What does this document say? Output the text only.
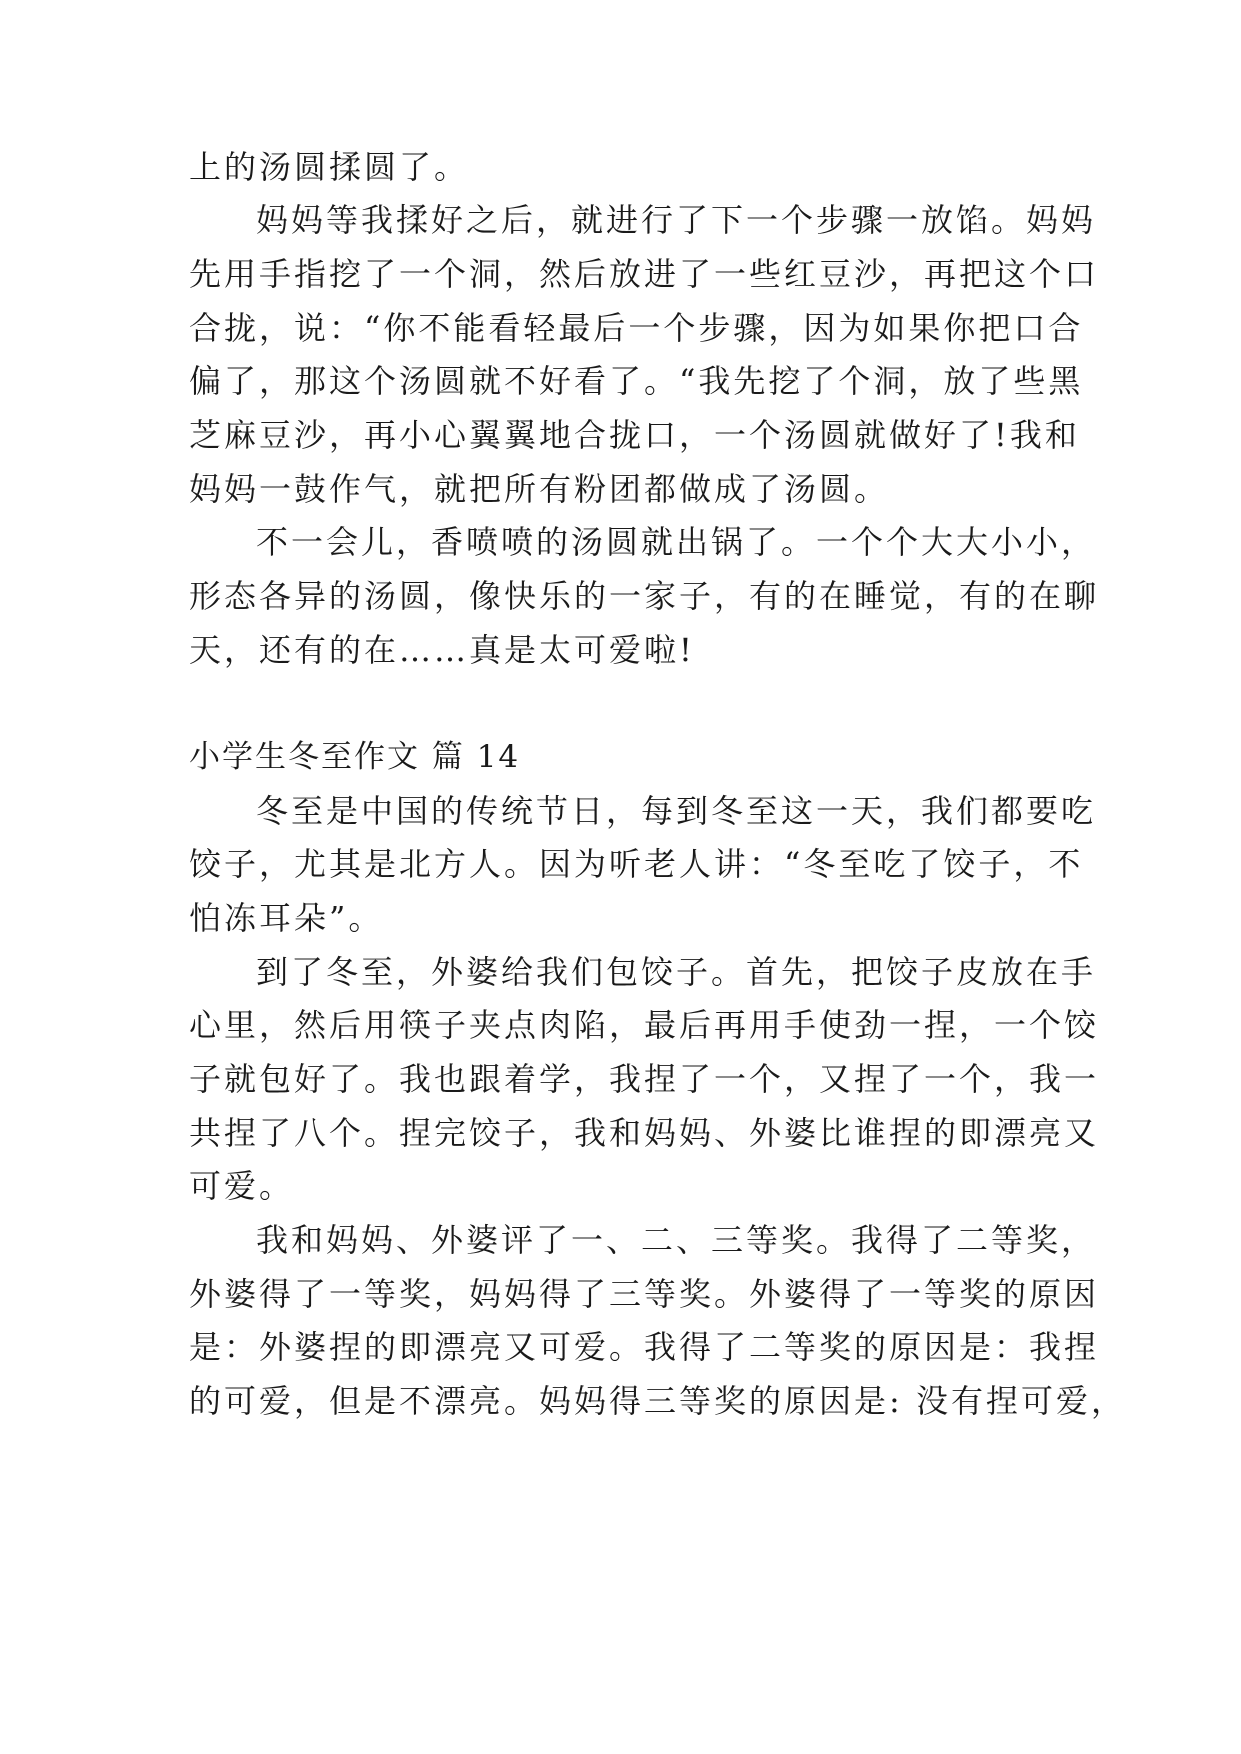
上的汤圆揉圆了。
妈妈等我揉好之后，就进行了下一个步骤一放馅。妈妈
先用手指挖了一个洞，然后放进了一些红豆沙，再把这个口
合拢，说：“你不能看轻最后一个步骤，因为如果你把口合
偏了，那这个汤圆就不好看了。“我先挖了个洞，放了些黑
芝麻豆沙，再小心翼翼地合拢口，一个汤圆就做好了!我和
妈妈一鼓作气，就把所有粉团都做成了汤圆。
不一会儿，香喷喷的汤圆就出锅了。一个个大大小小，
形态各异的汤圆，像快乐的一家子，有的在睡觉，有的在聊
天，还有的在……真是太可爱啦!
小学生冬至作文 篇 14
冬至是中国的传统节日，每到冬至这一天，我们都要吃
饺子，尤其是北方人。因为听老人讲：“冬至吃了饺子，不
怕冻耳朵”。
到了冬至，外婆给我们包饺子。首先，把饺子皮放在手
心里，然后用筷子夹点肉陷，最后再用手使劲一捏，一个饺
子就包好了。我也跟着学，我捏了一个，又捏了一个，我一
共捏了八个。捏完饺子，我和妈妈、外婆比谁捏的即漂亮又
可爱。
我和妈妈、外婆评了一、二、三等奖。我得了二等奖，
外婆得了一等奖，妈妈得了三等奖。外婆得了一等奖的原因
是：外婆捏的即漂亮又可爱。我得了二等奖的原因是：我捏
的可爱，但是不漂亮。妈妈得三等奖的原因是: 没有捏可爱，
